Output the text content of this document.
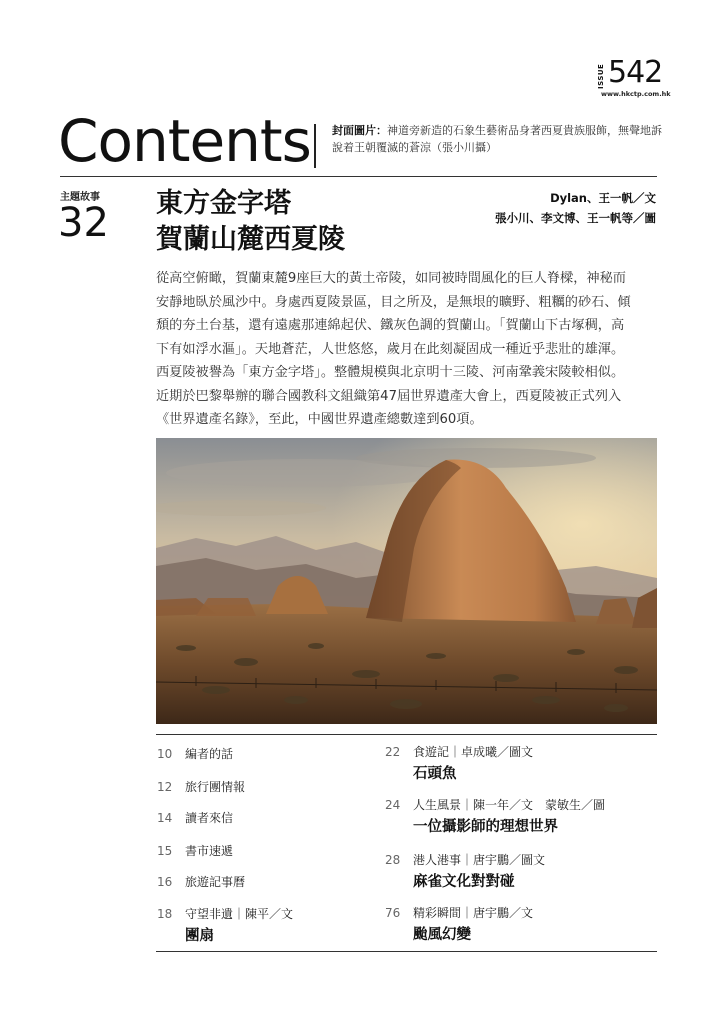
ISSUE 542
www.hkctp.com.hk
Contents 封面圖片：神道旁新造的石象生藝術品身著西夏貴族服飾，無聲地訴說着王朝覆滅的蒼涼（張小川攝）
主題故事
32 東方金字塔
賀蘭山麓西夏陵
Dylan、王一帆／文
張小川、李文博、王一帆等／圖
從高空俯瞰，賀蘭東麓9座巨大的黃土帝陵，如同被時間風化的巨人脊樑，神秘而
安靜地臥於風沙中。身處西夏陵景區，目之所及，是無垠的曠野、粗糲的砂石、傾
頹的夯土台基，還有遠處那連綿起伏、鐵灰色調的賀蘭山。「賀蘭山下古塚稠，高
下有如浮水漚」。天地蒼茫，人世悠悠，歲月在此刻凝固成一種近乎悲壯的雄渾。
西夏陵被譽為「東方金字塔」。整體規模與北京明十三陵、河南鞏義宋陵較相似。
近期於巴黎舉辦的聯合國教科文組織第47屆世界遺產大會上，西夏陵被正式列入
《世界遺產名錄》，至此，中國世界遺產總數達到60項。
10 編者的話
12 旅行團情報
14 讀者來信
15 書市速遞
16 旅遊記事曆
18 守望非遺｜陳平／文
團扇
22 食遊記｜卓成曦／圖文
石頭魚
24 人生風景｜陳一年／文　蒙敏生／圖
一位攝影師的理想世界
28 港人港事｜唐宇鵬／圖文
麻雀文化對對碰
76 精彩瞬間｜唐宇鵬／文
颱風幻變
